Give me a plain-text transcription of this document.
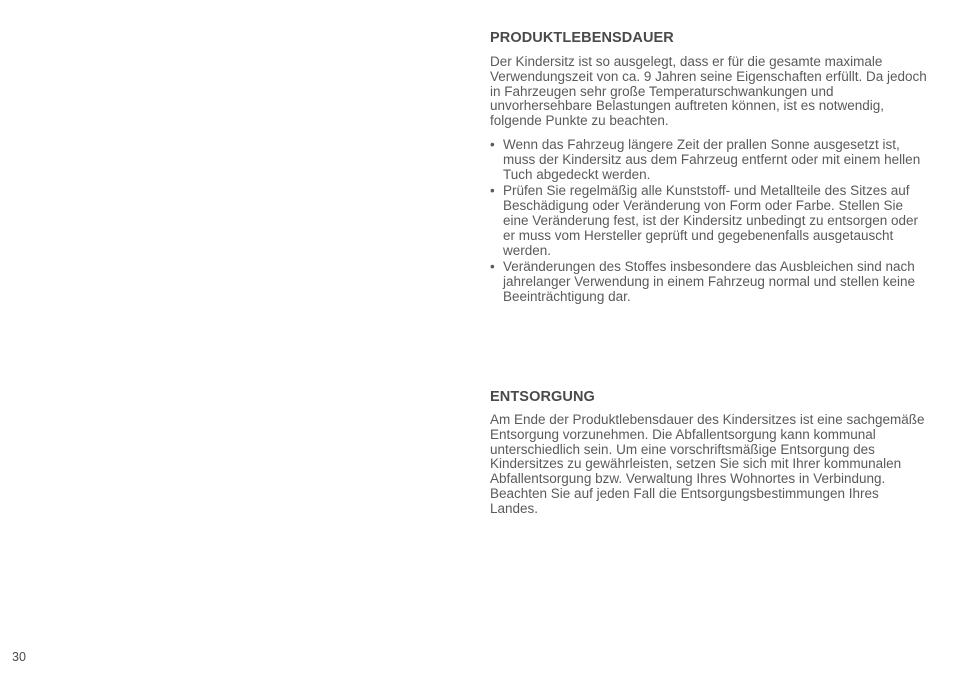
PRODUKTLEBENSDAUER

Der Kindersitz ist so ausgelegt, dass er für die gesamte maximale Verwendungszeit von ca. 9 Jahren seine Eigenschaften erfüllt. Da jedoch in Fahrzeugen sehr große Temperaturschwankungen und unvorhersehbare Belastungen auftreten können, ist es notwendig, folgende Punkte zu beachten.

• Wenn das Fahrzeug längere Zeit der prallen Sonne ausgesetzt ist, muss der Kindersitz aus dem Fahrzeug entfernt oder mit einem hellen Tuch abgedeckt werden.
• Prüfen Sie regelmäßig alle Kunststoff- und Metallteile des Sitzes auf Beschädigung oder Veränderung von Form oder Farbe. Stellen Sie eine Veränderung fest, ist der Kindersitz unbedingt zu entsorgen oder er muss vom Hersteller geprüft und gegebenenfalls ausgetauscht werden.
• Veränderungen des Stoffes insbesondere das Ausbleichen sind nach jahrelanger Verwendung in einem Fahrzeug normal und stellen keine Beeinträchtigung dar.
ENTSORGUNG

Am Ende der Produktlebensdauer des Kindersitzes ist eine sachgemäße Entsorgung vorzunehmen. Die Abfallentsorgung kann kommunal unterschiedlich sein. Um eine vorschriftsmäßige Entsorgung des Kindersitzes zu gewährleisten, setzen Sie sich mit Ihrer kommunalen Abfallentsorgung bzw. Verwaltung Ihres Wohnortes in Verbindung. Beachten Sie auf jeden Fall die Entsorgungsbestimmungen Ihres Landes.

30
